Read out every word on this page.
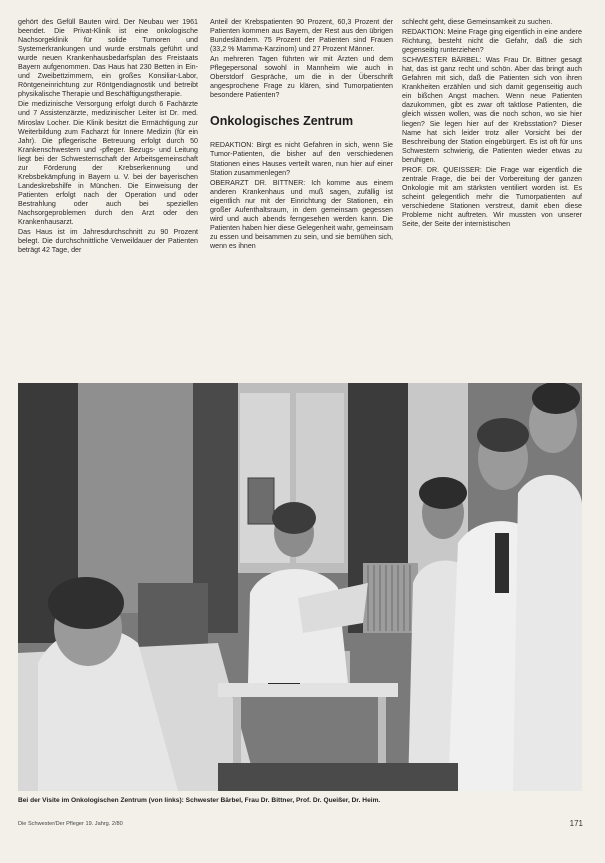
gehört des Gefüll Bauten wird. Der Neubau wer 1961 beendet. Die Privat-Klinik ist eine onkologische Nachsorgeklinik für solide Tumoren und Systemerkrankungen und wurde erstmals geführt und wurde neuen Krankenhausbedarfsplan des Freistaats Bayern aufgenommen. Das Haus hat 230 Betten in Ein- und Zweibettzimmern, ein großes Konsiliar-Labor, Röntgeneinrichtung zur Röntgendiagnostik und betreibt physikalische Therapie und Beschäftigungstherapie.

Die medizinische Versorgung erfolgt durch 6 Fachärzte und 7 Assistenzärzte, medizinischer Leiter ist Dr. med. Miroslav Locher. Die Klinik besitzt die Ermächtigung zur Weiterbildung zum Facharzt für Innere Medizin (für ein Jahr). Die pflegerische Betreuung erfolgt durch 50 Krankenschwestern und -pfleger. Bezugs- und Leitung liegt bei der Schwesternschaft der Arbeitsgemeinschaft zur Förderung der Krebserkennung und Krebsbekämpfung in Bayern u. V. bei der bayerischen Landeskrebshilfe in München. Die Einweisung der Patienten erfolgt nach der Operation und oder Bestrahlung oder auch bei speziellen Nachsorgeproblemen durch den Arzt oder den Krankenhausarzt.

Das Haus ist im Jahresdurchschnitt zu 90 Prozent belegt. Die durchschnittliche Verweildauer der Patienten beträgt 42 Tage, der

Anteil der Krebspatienten 90 Prozent, 60,3 Prozent der Patienten kommen aus Bayern, der Rest aus den übrigen Bundesländern. 75 Prozent der Patienten sind Frauen (33,2 % Mamma-Karzinom) und 27 Prozent Männer.

An mehreren Tagen führten wir mit Ärzten und dem Pflegepersonal sowohl in Mannheim wie auch in Oberstdorf Gespräche, um die in der Überschrift angesprochene Frage zu klären, sind Tumorpatienten besondere Patienten?

Onkologisches Zentrum

REDAKTION: Birgt es nicht Gefahren in sich, wenn Sie Tumor-Patienten, die bisher auf den verschiedenen Stationen eines Hauses verteilt waren, nun hier auf einer Station zusammenlegen?

OBERARZT DR. BITTNER: Ich komme aus einem anderen Krankenhaus und muß sagen, zufällig ist eigentlich nur mit der Einrichtung der Stationen, ein großer Aufenthaltsraum, in dem gemeinsam gegessen wird und auch abends ferngesehen werden kann. Die Patienten haben hier diese Gelegenheit wahr, gemeinsam zu essen und beisammen zu sein, und sie bemühen sich, wenn es ihnen

schlecht geht, diese Gemeinsamkeit zu suchen.

REDAKTION: Meine Frage ging eigentlich in eine andere Richtung, besteht nicht die Gefahr, daß die sich gegenseitig runterziehen?

SCHWESTER BÄRBEL: Was Frau Dr. Bittner gesagt hat, das ist ganz recht und schön. Aber das bringt auch Gefahren mit sich, daß die Patienten sich von ihren Krankheiten erzählen und sich damit gegenseitig auch ein bißchen Angst machen. Wenn neue Patienten dazukommen, gibt es zwar oft taktlose Patienten, die gleich wissen wollen, was die noch schon, wo sie hier liegen? Sie legen hier auf der Krebsstation? Dieser Name hat sich leider trotz aller Vorsicht bei der Beschreibung der Station eingebürgert. Es ist oft für uns Schwestern schwierig, die Patienten wieder etwas zu beruhigen.

PROF. DR. QUEISSER: Die Frage war eigentlich die zentrale Frage, die bei der Vorbereitung der ganzen Onkologie mit am stärksten ventiliert worden ist. Es scheint gelegentlich mehr die Tumorpatienten auf verschiedene Stationen verstreut, damit eben diese Probleme nicht auftreten. Wir mussten von unserer Seite, der Seite der internistischen

Bei der Visite im Onkologischen Zentrum (von links): Schwester Bärbel, Frau Dr. Bittner, Prof. Dr. Queißer, Dr. Heim.
Die Schwester/Der Pfleger 19. Jahrg. 2/80	171
